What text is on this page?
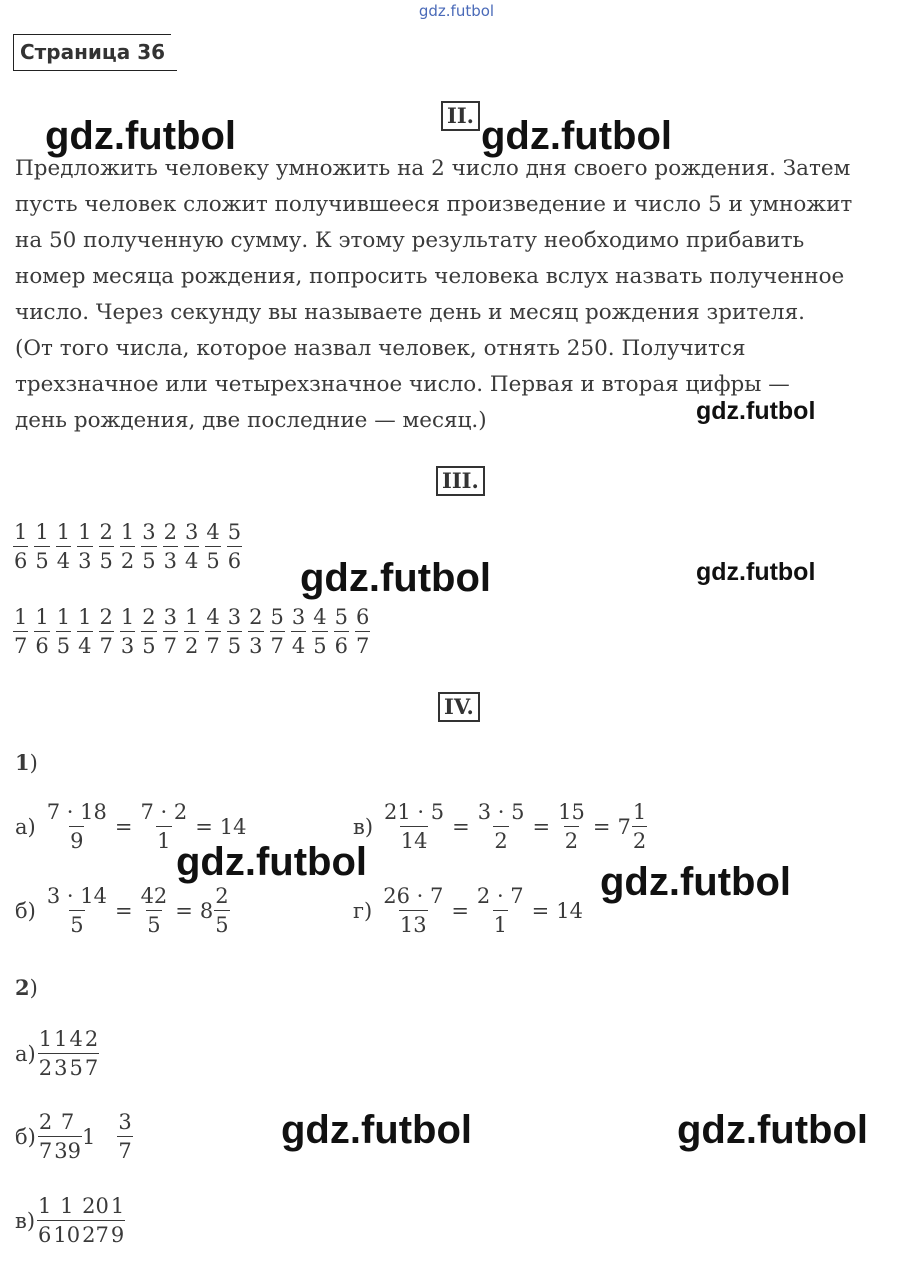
gdz.futbol
Страница 36
II.
Предложить человеку умножить на 2 число дня своего рождения. Затем
пусть человек сложит получившееся произведение и число 5 и умножит
на 50 полученную сумму. К этому результату необходимо прибавить
номер месяца рождения, попросить человека вслух назвать полученное
число. Через секунду вы называете день и месяц рождения зрителя.
(От того числа, которое назвал человек, отнять 250. Получится
трехзначное или четырехзначное число. Первая и вторая цифры —
день рождения, две последние — месяц.)
III.
$\frac{1}{6} \frac{1}{5} \frac{1}{4} \frac{1}{3} \frac{2}{5} \frac{1}{2} \frac{3}{5} \frac{2}{3} \frac{3}{4} \frac{4}{5} \frac{5}{6}$
$\frac{1}{7} \frac{1}{6} \frac{1}{5} \frac{1}{4} \frac{2}{7} \frac{1}{3} \frac{2}{5} \frac{3}{7} \frac{1}{2} \frac{4}{7} \frac{3}{5} \frac{2}{3} \frac{5}{7} \frac{3}{4} \frac{4}{5} \frac{5}{6} \frac{6}{7}$
IV.
1)
$а) \frac{7 \cdot 18}{9} = \frac{7 \cdot 2}{1} = 14$	$в) \frac{21 \cdot 5}{14} = \frac{3 \cdot 5}{2} = \frac{15}{2} = 7 \frac{1}{2}$
$б) \frac{3 \cdot 14}{5} = \frac{42}{5} = 8 \frac{2}{5}$	$г) \frac{26 \cdot 7}{13} = \frac{2 \cdot 7}{1} = 14$
2)
$а) \frac{1}{2} \frac{1}{3} \frac{4}{5} \frac{2}{7}$
$б) \frac{2}{7} \frac{7}{39} 1 \frac{3}{7}$
$в) \frac{1}{6} \frac{1}{10} \frac{20}{27} \frac{1}{9}$
gdz.futbol	gdz.futbol
gdz.futbol
gdz.futbol	gdz.futbol
gdz.futbol	gdz.futbol
gdz.futbol	gdz.futbol
